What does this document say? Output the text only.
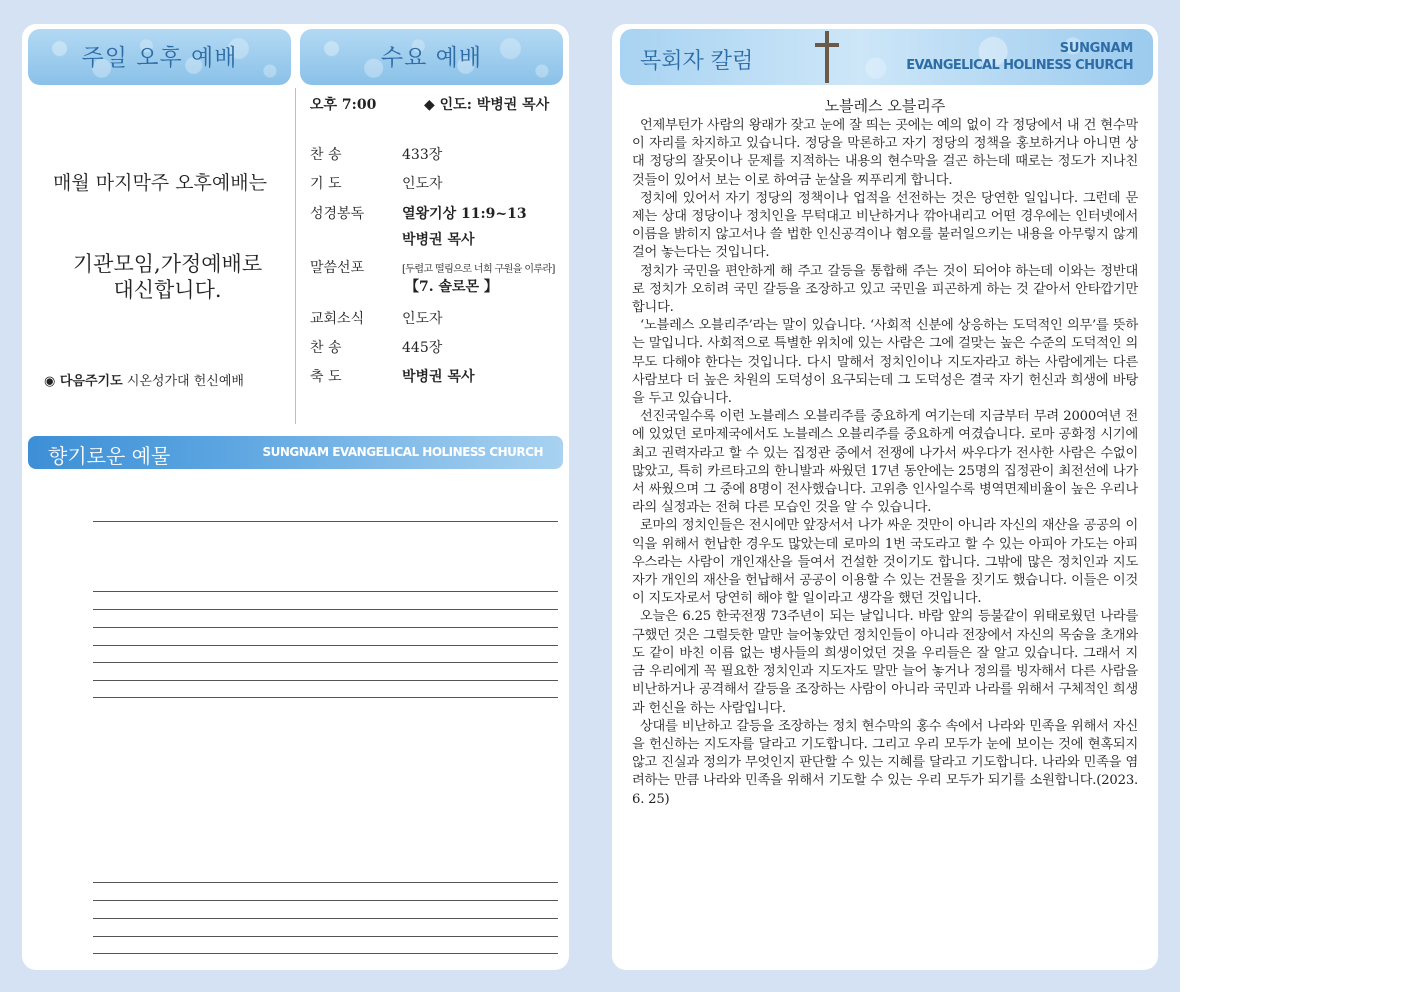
주일 오후 예배	수요 예배
매월 마지막주 오후예배는
기관모임,가정예배로
대신합니다.
◉ 다음주기도 시온성가대 헌신예배
오후 7:00	◆ 인도: 박병권 목사
찬 송	433장
기 도	인도자
성경봉독	열왕기상 11:9~13
박병권 목사
말씀선포	[두렵고 떨림으로 너희 구원을 이루라]
【7. 솔로몬 】
교회소식	인도자
찬 송	445장
축 도	박병권 목사
향기로운 예물	SUNGNAM EVANGELICAL HOLINESS CHURCH
목회자 칼럼
SUNGNAM
EVANGELICAL HOLINESS CHURCH
노블레스 오블리주

언제부턴가 사람의 왕래가 잦고 눈에 잘 띄는 곳에는 예의 없이 각 정당에서 내 건 현수막이 자리를 차지하고 있습니다. 정당을 막론하고 자기 정당의 정책을 홍보하거나 아니면 상대 정당의 잘못이나 문제를 지적하는 내용의 현수막을 걸곤 하는데 때로는 정도가 지나친 것들이 있어서 보는 이로 하여금 눈살을 찌푸리게 합니다.

정치에 있어서 자기 정당의 정책이나 업적을 선전하는 것은 당연한 일입니다. 그런데 문제는 상대 정당이나 정치인을 무턱대고 비난하거나 깎아내리고 어떤 경우에는 인터넷에서 이름을 밝히지 않고서나 쓸 법한 인신공격이나 혐오를 불러일으키는 내용을 아무렇지 않게 걸어 놓는다는 것입니다.

정치가 국민을 편안하게 해 주고 갈등을 통합해 주는 것이 되어야 하는데 이와는 정반대로 정치가 오히려 국민 갈등을 조장하고 있고 국민을 피곤하게 하는 것 같아서 안타깝기만 합니다.

‘노블레스 오블리주’라는 말이 있습니다. ‘사회적 신분에 상응하는 도덕적인 의무’를 뜻하는 말입니다. 사회적으로 특별한 위치에 있는 사람은 그에 걸맞는 높은 수준의 도덕적인 의무도 다해야 한다는 것입니다. 다시 말해서 정치인이나 지도자라고 하는 사람에게는 다른 사람보다 더 높은 차원의 도덕성이 요구되는데 그 도덕성은 결국 자기 헌신과 희생에 바탕을 두고 있습니다.

선진국일수록 이런 노블레스 오블리주를 중요하게 여기는데 지금부터 무려 2000여년 전에 있었던 로마제국에서도 노블레스 오블리주를 중요하게 여겼습니다. 로마 공화정 시기에 최고 권력자라고 할 수 있는 집정관 중에서 전쟁에 나가서 싸우다가 전사한 사람은 수없이 많았고, 특히 카르타고의 한니발과 싸웠던 17년 동안에는 25명의 집정관이 최전선에 나가서 싸웠으며 그 중에 8명이 전사했습니다. 고위층 인사일수록 병역면제비율이 높은 우리나라의 실정과는 전혀 다른 모습인 것을 알 수 있습니다.

로마의 정치인들은 전시에만 앞장서서 나가 싸운 것만이 아니라 자신의 재산을 공공의 이익을 위해서 헌납한 경우도 많았는데 로마의 1번 국도라고 할 수 있는 아피아 가도는 아피우스라는 사람이 개인재산을 들여서 건설한 것이기도 합니다. 그밖에 많은 정치인과 지도자가 개인의 재산을 헌납해서 공공이 이용할 수 있는 건물을 짓기도 했습니다. 이들은 이것이 지도자로서 당연히 해야 할 일이라고 생각을 했던 것입니다.

오늘은 6.25 한국전쟁 73주년이 되는 날입니다. 바람 앞의 등불같이 위태로웠던 나라를 구했던 것은 그럴듯한 말만 늘어놓았던 정치인들이 아니라 전장에서 자신의 목숨을 초개와도 같이 바친 이름 없는 병사들의 희생이었던 것을 우리들은 잘 알고 있습니다. 그래서 지금 우리에게 꼭 필요한 정치인과 지도자도 말만 늘어 놓거나 정의를 빙자해서 다른 사람을 비난하거나 공격해서 갈등을 조장하는 사람이 아니라 국민과 나라를 위해서 구체적인 희생과 헌신을 하는 사람입니다.

상대를 비난하고 갈등을 조장하는 정치 현수막의 홍수 속에서 나라와 민족을 위해서 자신을 헌신하는 지도자를 달라고 기도합니다. 그리고 우리 모두가 눈에 보이는 것에 현혹되지 않고 진실과 정의가 무엇인지 판단할 수 있는 지혜를 달라고 기도합니다. 나라와 민족을 염려하는 만큼 나라와 민족을 위해서 기도할 수 있는 우리 모두가 되기를 소원합니다.(2023. 6. 25)
